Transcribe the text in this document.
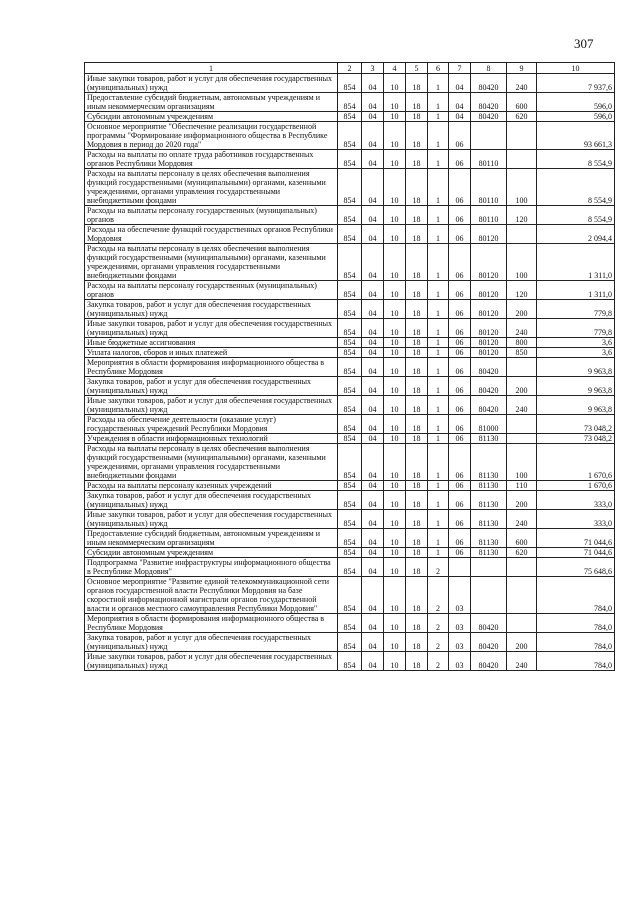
307
1	2	3	4	5	6	7	8	9	10
Иные закупки товаров, работ и услуг для обеспечения государственных (муниципальных) нужд	854	04	10	18	1	04	80420	240	7 937,6
Предоставление субсидий бюджетным, автономным учреждениям и иным некоммерческим организациям	854	04	10	18	1	04	80420	600	596,0
Субсидии автономным учреждениям	854	04	10	18	1	04	80420	620	596,0
Основное мероприятие "Обеспечение реализации государственной программы "Формирование информационного общества в Республике Мордовия в период до 2020 года"	854	04	10	18	1	06			93 661,3
Расходы на выплаты по оплате труда работников государственных органов Республики Мордовия	854	04	10	18	1	06	80110		8 554,9
Расходы на выплаты персоналу в целях обеспечения выполнения функций государственными (муниципальными) органами, казенными учреждениями, органами управления государственными внебюджетными фондами	854	04	10	18	1	06	80110	100	8 554,9
Расходы на выплаты персоналу государственных (муниципальных) органов	854	04	10	18	1	06	80110	120	8 554,9
Расходы на обеспечение функций государственных органов Республики Мордовия	854	04	10	18	1	06	80120		2 094,4
Расходы на выплаты персоналу в целях обеспечения выполнения функций государственными (муниципальными) органами, казенными учреждениями, органами управления государственными внебюджетными фондами	854	04	10	18	1	06	80120	100	1 311,0
Расходы на выплаты персоналу государственных (муниципальных) органов	854	04	10	18	1	06	80120	120	1 311,0
Закупка товаров, работ и услуг для обеспечения государственных (муниципальных) нужд	854	04	10	18	1	06	80120	200	779,8
Иные закупки товаров, работ и услуг для обеспечения государственных (муниципальных) нужд	854	04	10	18	1	06	80120	240	779,8
Иные бюджетные ассигнования	854	04	10	18	1	06	80120	800	3,6
Уплата налогов, сборов и иных платежей	854	04	10	18	1	06	80120	850	3,6
Мероприятия в области формирования информационного общества в Республике Мордовия	854	04	10	18	1	06	80420		9 963,8
Закупка товаров, работ и услуг для обеспечения государственных (муниципальных) нужд	854	04	10	18	1	06	80420	200	9 963,8
Иные закупки товаров, работ и услуг для обеспечения государственных (муниципальных) нужд	854	04	10	18	1	06	80420	240	9 963,8
Расходы на обеспечение деятельности (оказание услуг) государственных учреждений Республики Мордовия	854	04	10	18	1	06	81000		73 048,2
Учреждения в области информационных технологий	854	04	10	18	1	06	81130		73 048,2
Расходы на выплаты персоналу в целях обеспечения выполнения функций государственными (муниципальными) органами, казенными учреждениями, органами управления государственными внебюджетными фондами	854	04	10	18	1	06	81130	100	1 670,6
Расходы на выплаты персоналу казенных учреждений	854	04	10	18	1	06	81130	110	1 670,6
Закупка товаров, работ и услуг для обеспечения государственных (муниципальных) нужд	854	04	10	18	1	06	81130	200	333,0
Иные закупки товаров, работ и услуг для обеспечения государственных (муниципальных) нужд	854	04	10	18	1	06	81130	240	333,0
Предоставление субсидий бюджетным, автономным учреждениям и иным некоммерческим организациям	854	04	10	18	1	06	81130	600	71 044,6
Субсидии автономным учреждениям	854	04	10	18	1	06	81130	620	71 044,6
Подпрограмма "Развитие инфраструктуры информационного общества в Республике Мордовия"	854	04	10	18	2				75 648,6
Основное мероприятие "Развитие единой телекоммуникационной сети органов государственной власти Республики Мордовия на базе скоростной информационной магистрали органов государственной власти и органов местного самоуправления Республики Мордовия"	854	04	10	18	2	03			784,0
Мероприятия в области формирования информационного общества в Республике Мордовия	854	04	10	18	2	03	80420		784,0
Закупка товаров, работ и услуг для обеспечения государственных (муниципальных) нужд	854	04	10	18	2	03	80420	200	784,0
Иные закупки товаров, работ и услуг для обеспечения государственных (муниципальных) нужд	854	04	10	18	2	03	80420	240	784,0
